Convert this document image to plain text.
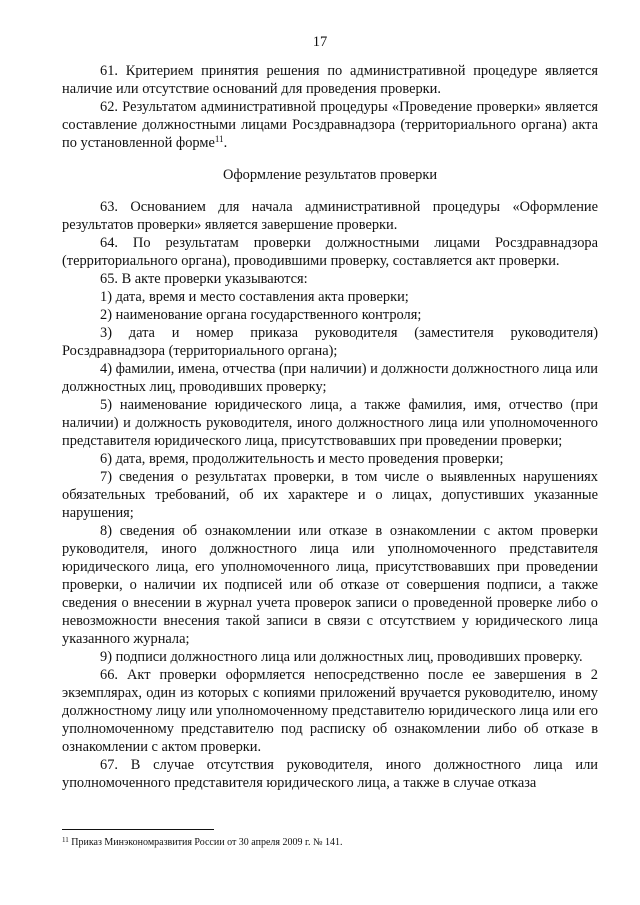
17

61. Критерием принятия решения по административной процедуре является наличие или отсутствие оснований для проведения проверки.

62. Результатом административной процедуры «Проведение проверки» является составление должностными лицами Росздравнадзора (территориального органа) акта по установленной форме$^{11}$.

Оформление результатов проверки

63. Основанием для начала административной процедуры «Оформление результатов проверки» является завершение проверки.

64. По результатам проверки должностными лицами Росздравнадзора (территориального органа), проводившими проверку, составляется акт проверки.

65. В акте проверки указываются:

1) дата, время и место составления акта проверки;

2) наименование органа государственного контроля;

3) дата и номер приказа руководителя (заместителя руководителя) Росздравнадзора (территориального органа);

4) фамилии, имена, отчества (при наличии) и должности должностного лица или должностных лиц, проводивших проверку;

5) наименование юридического лица, а также фамилия, имя, отчество (при наличии) и должность руководителя, иного должностного лица или уполномоченного представителя юридического лица, присутствовавших при проведении проверки;

6) дата, время, продолжительность и место проведения проверки;

7) сведения о результатах проверки, в том числе о выявленных нарушениях обязательных требований, об их характере и о лицах, допустивших указанные нарушения;

8) сведения об ознакомлении или отказе в ознакомлении с актом проверки руководителя, иного должностного лица или уполномоченного представителя юридического лица, его уполномоченного лица, присутствовавших при проведении проверки, о наличии их подписей или об отказе от совершения подписи, а также сведения о внесении в журнал учета проверок записи о проведенной проверке либо о невозможности внесения такой записи в связи с отсутствием у юридического лица указанного журнала;

9) подписи должностного лица или должностных лиц, проводивших проверку.

66. Акт проверки оформляется непосредственно после ее завершения в 2 экземплярах, один из которых с копиями приложений вручается руководителю, иному должностному лицу или уполномоченному представителю юридического лица или его уполномоченному представителю под расписку об ознакомлении либо об отказе в ознакомлении с актом проверки.

67. В случае отсутствия руководителя, иного должностного лица или уполномоченного представителя юридического лица, а также в случае отказа

$^{11}$ Приказ Минэкономразвития России от 30 апреля 2009 г. № 141.
